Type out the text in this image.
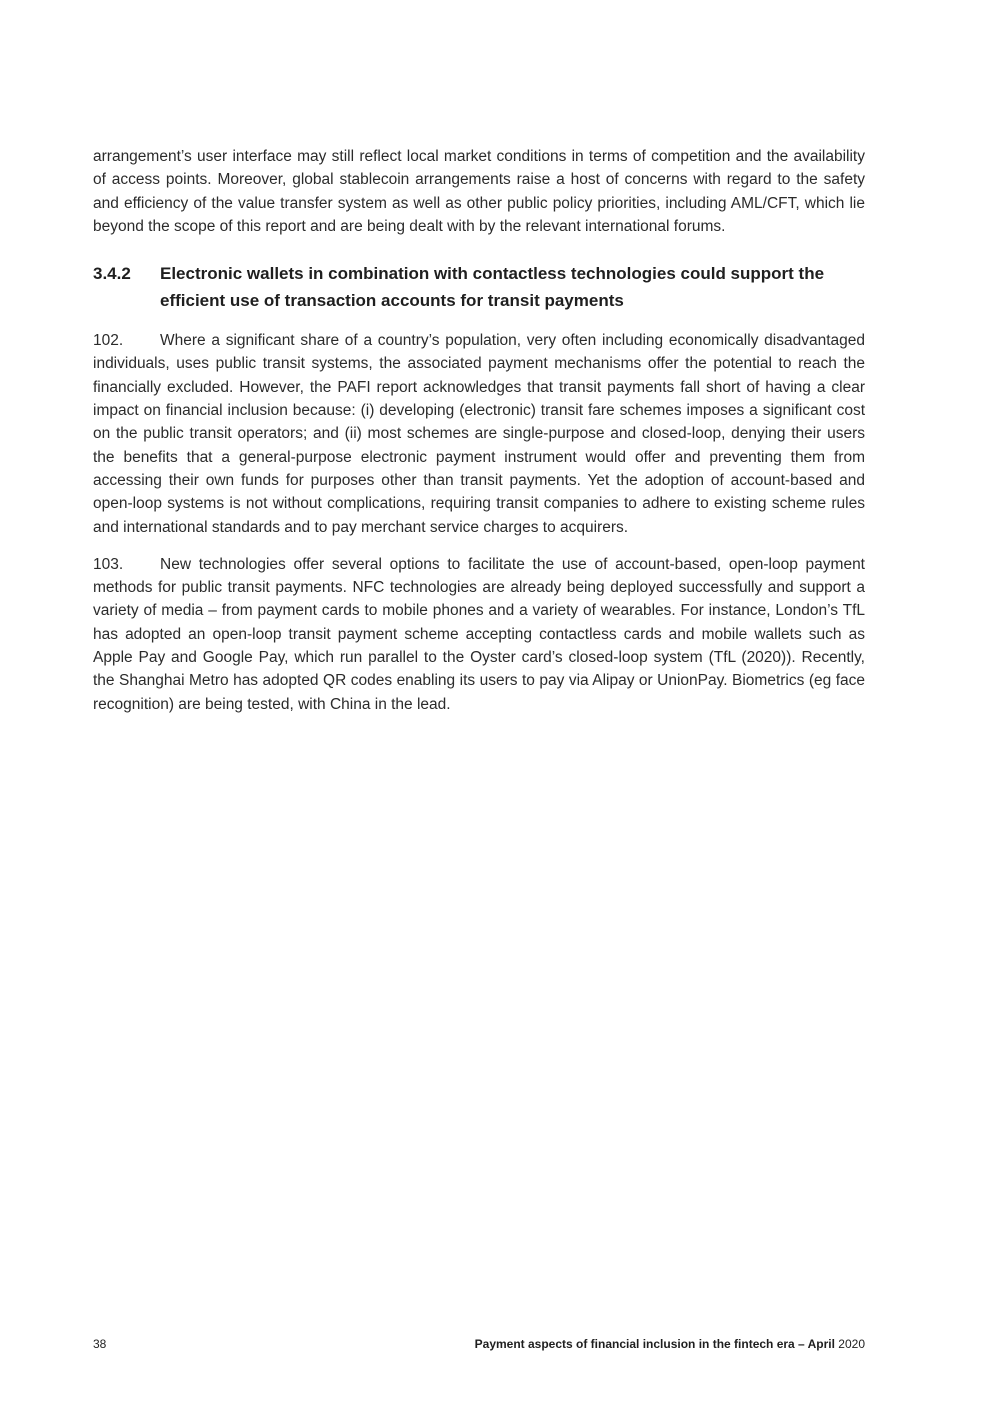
arrangement’s user interface may still reflect local market conditions in terms of competition and the availability of access points. Moreover, global stablecoin arrangements raise a host of concerns with regard to the safety and efficiency of the value transfer system as well as other public policy priorities, including AML/CFT, which lie beyond the scope of this report and are being dealt with by the relevant international forums.

3.4.2	Electronic wallets in combination with contactless technologies could support the efficient use of transaction accounts for transit payments

102. Where a significant share of a country’s population, very often including economically disadvantaged individuals, uses public transit systems, the associated payment mechanisms offer the potential to reach the financially excluded. However, the PAFI report acknowledges that transit payments fall short of having a clear impact on financial inclusion because: (i) developing (electronic) transit fare schemes imposes a significant cost on the public transit operators; and (ii) most schemes are single-purpose and closed-loop, denying their users the benefits that a general-purpose electronic payment instrument would offer and preventing them from accessing their own funds for purposes other than transit payments. Yet the adoption of account-based and open-loop systems is not without complications, requiring transit companies to adhere to existing scheme rules and international standards and to pay merchant service charges to acquirers.

103. New technologies offer several options to facilitate the use of account-based, open-loop payment methods for public transit payments. NFC technologies are already being deployed successfully and support a variety of media – from payment cards to mobile phones and a variety of wearables. For instance, London’s TfL has adopted an open-loop transit payment scheme accepting contactless cards and mobile wallets such as Apple Pay and Google Pay, which run parallel to the Oyster card’s closed-loop system (TfL (2020)). Recently, the Shanghai Metro has adopted QR codes enabling its users to pay via Alipay or UnionPay. Biometrics (eg face recognition) are being tested, with China in the lead.

38	Payment aspects of financial inclusion in the fintech era – April 2020
